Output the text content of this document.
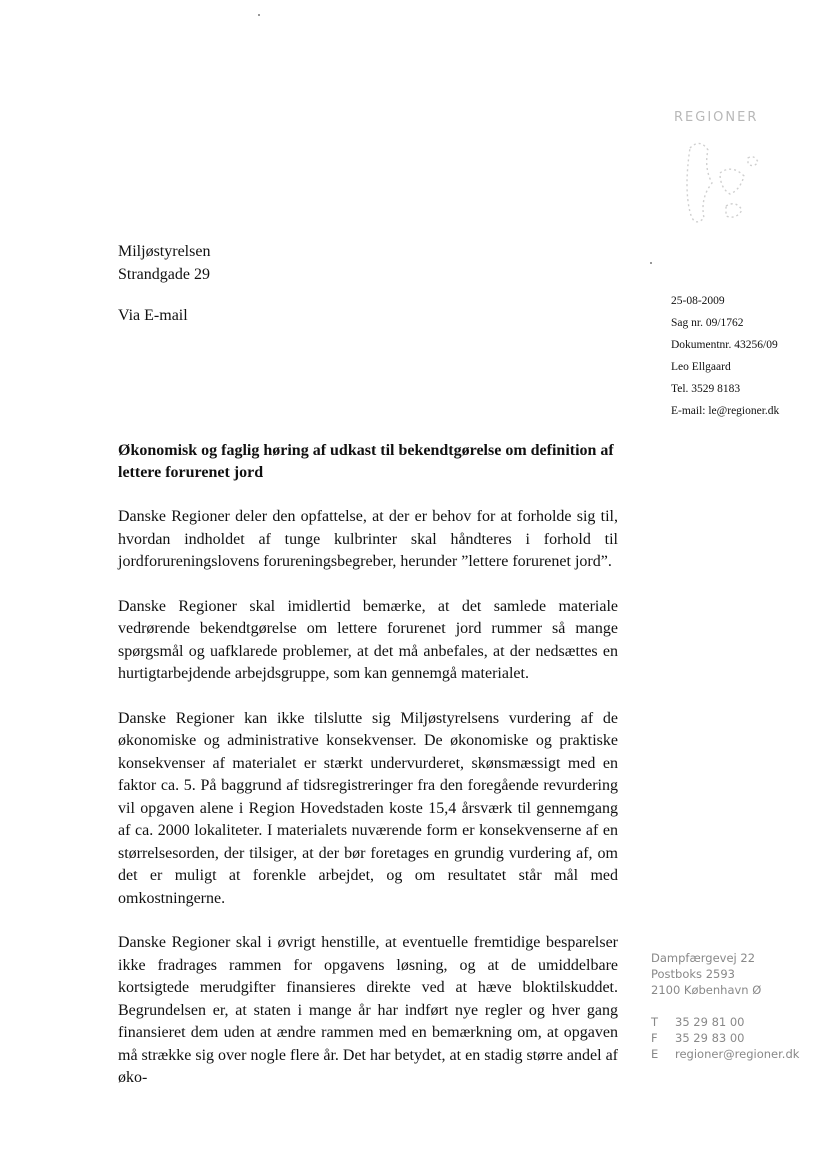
REGIONER
Miljøstyrelsen
Strandgade 29
Via E-mail
25-08-2009
Sag nr. 09/1762
Dokumentnr. 43256/09
Leo Ellgaard
Tel. 3529 8183
E-mail: le@regioner.dk
Økonomisk og faglig høring af udkast til bekendtgørelse om definition af lettere forurenet jord

Danske Regioner deler den opfattelse, at der er behov for at forholde sig til, hvordan indholdet af tunge kulbrinter skal håndteres i forhold til jordforureningslovens forureningsbegreber, herunder ”lettere forurenet jord”.

Danske Regioner skal imidlertid bemærke, at det samlede materiale vedrørende bekendtgørelse om lettere forurenet jord rummer så mange spørgsmål og uafklarede problemer, at det må anbefales, at der nedsættes en hurtigtarbejdende arbejdsgruppe, som kan gennemgå materialet.

Danske Regioner kan ikke tilslutte sig Miljøstyrelsens vurdering af de økonomiske og administrative konsekvenser. De økonomiske og praktiske konsekvenser af materialet er stærkt undervurderet, skønsmæssigt med en faktor ca. 5. På baggrund af tidsregistreringer fra den foregående revurdering vil opgaven alene i Region Hovedstaden koste 15,4 årsværk til gennemgang af ca. 2000 lokaliteter. I materialets nuværende form er konsekvenserne af en størrelsesorden, der tilsiger, at der bør foretages en grundig vurdering af, om det er muligt at forenkle arbejdet, og om resultatet står mål med omkostningerne.

Danske Regioner skal i øvrigt henstille, at eventuelle fremtidige besparelser ikke fradrages rammen for opgavens løsning, og at de umiddelbare kortsigtede merudgifter finansieres direkte ved at hæve bloktilskuddet. Begrundelsen er, at staten i mange år har indført nye regler og hver gang finansieret dem uden at ændre rammen med en bemærkning om, at opgaven må strække sig over nogle flere år. Det har betydet, at en stadig større andel af øko-

Dampfærgevej 22
Postboks 2593
2100 København Ø
T 35 29 81 00
F 35 29 83 00
E regioner@regioner.dk
